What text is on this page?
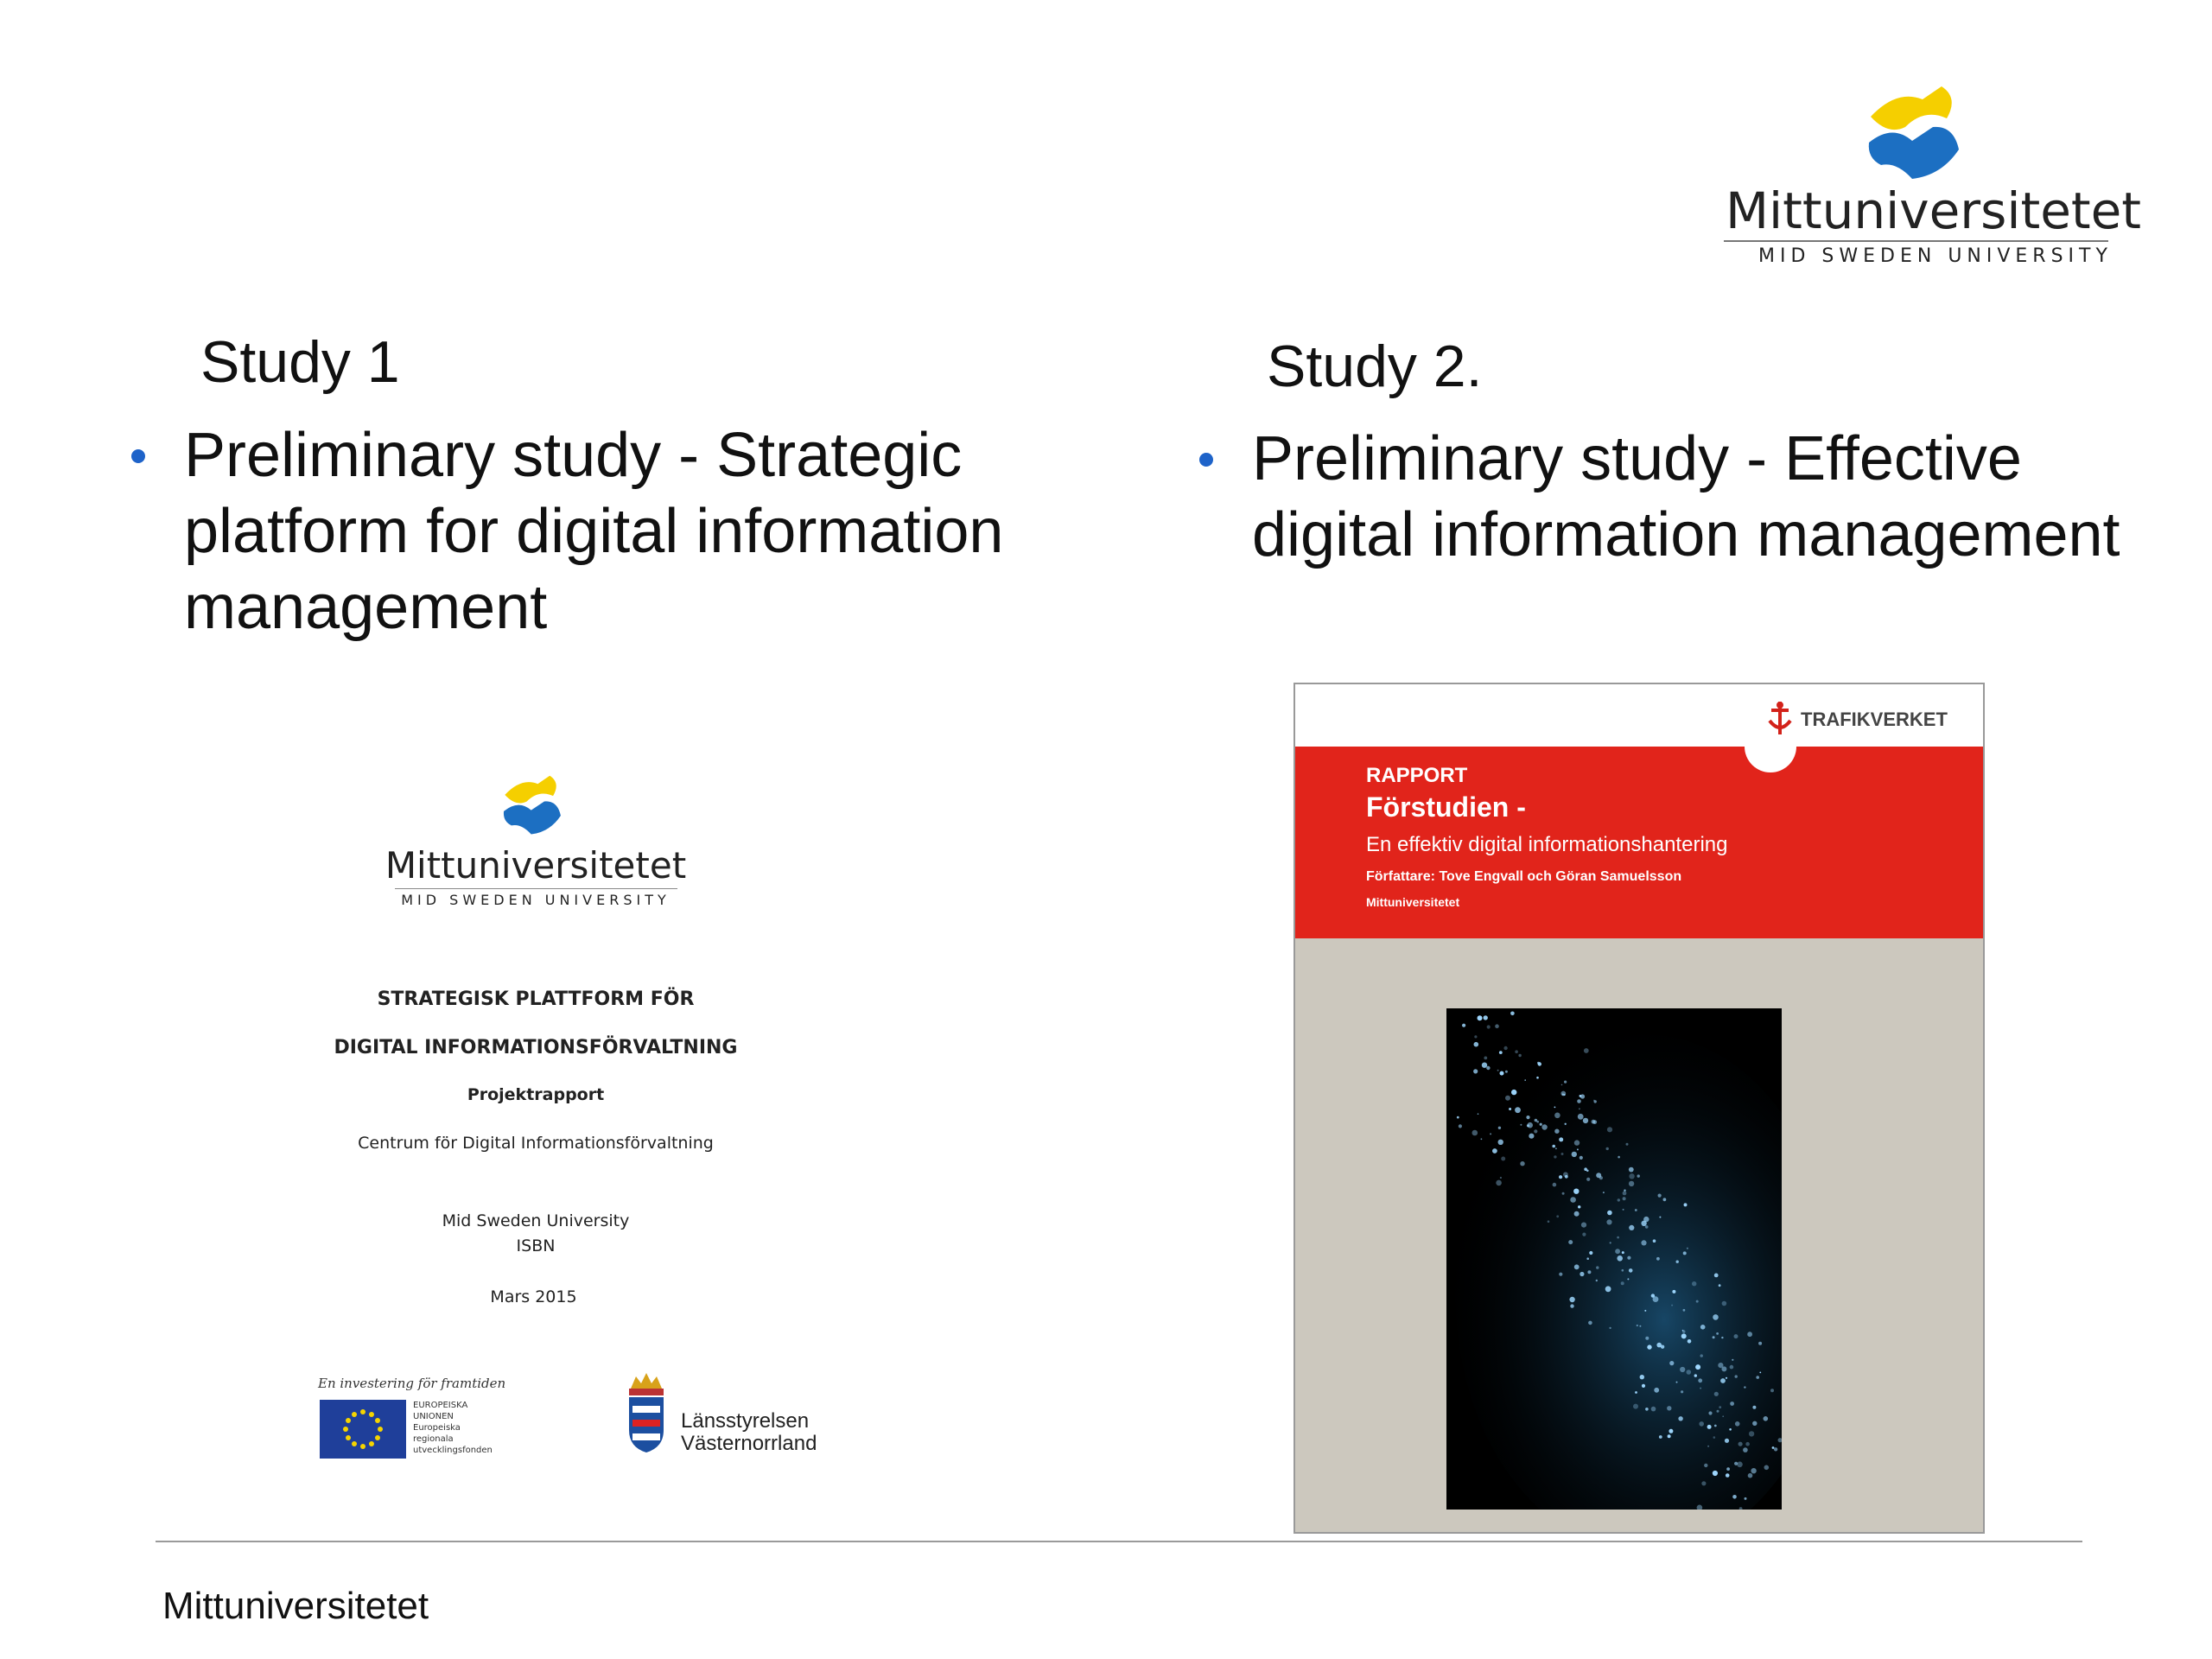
Mittuniversitetet
MID SWEDEN UNIVERSITY
Study 1
Preliminary study - Strategic
platform for digital information
management
Study 2.
Preliminary study - Effective
digital information management
Mittuniversitetet
MID SWEDEN UNIVERSITY
STRATEGISK PLATTFORM FÖR
DIGITAL INFORMATIONSFÖRVALTNING
Projektrapport
Centrum för Digital Informationsförvaltning
Mid Sweden University
ISBN
Mars 2015
En investering för framtiden
EUROPEISKA
UNIONEN
Europeiska
regionala
utvecklingsfonden
Länsstyrelsen
Västernorrland
TRAFIKVERKET
RAPPORT
Förstudien -
En effektiv digital informationshantering
Författare: Tove Engvall och Göran Samuelsson
Mittuniversitetet
Mittuniversitetet
